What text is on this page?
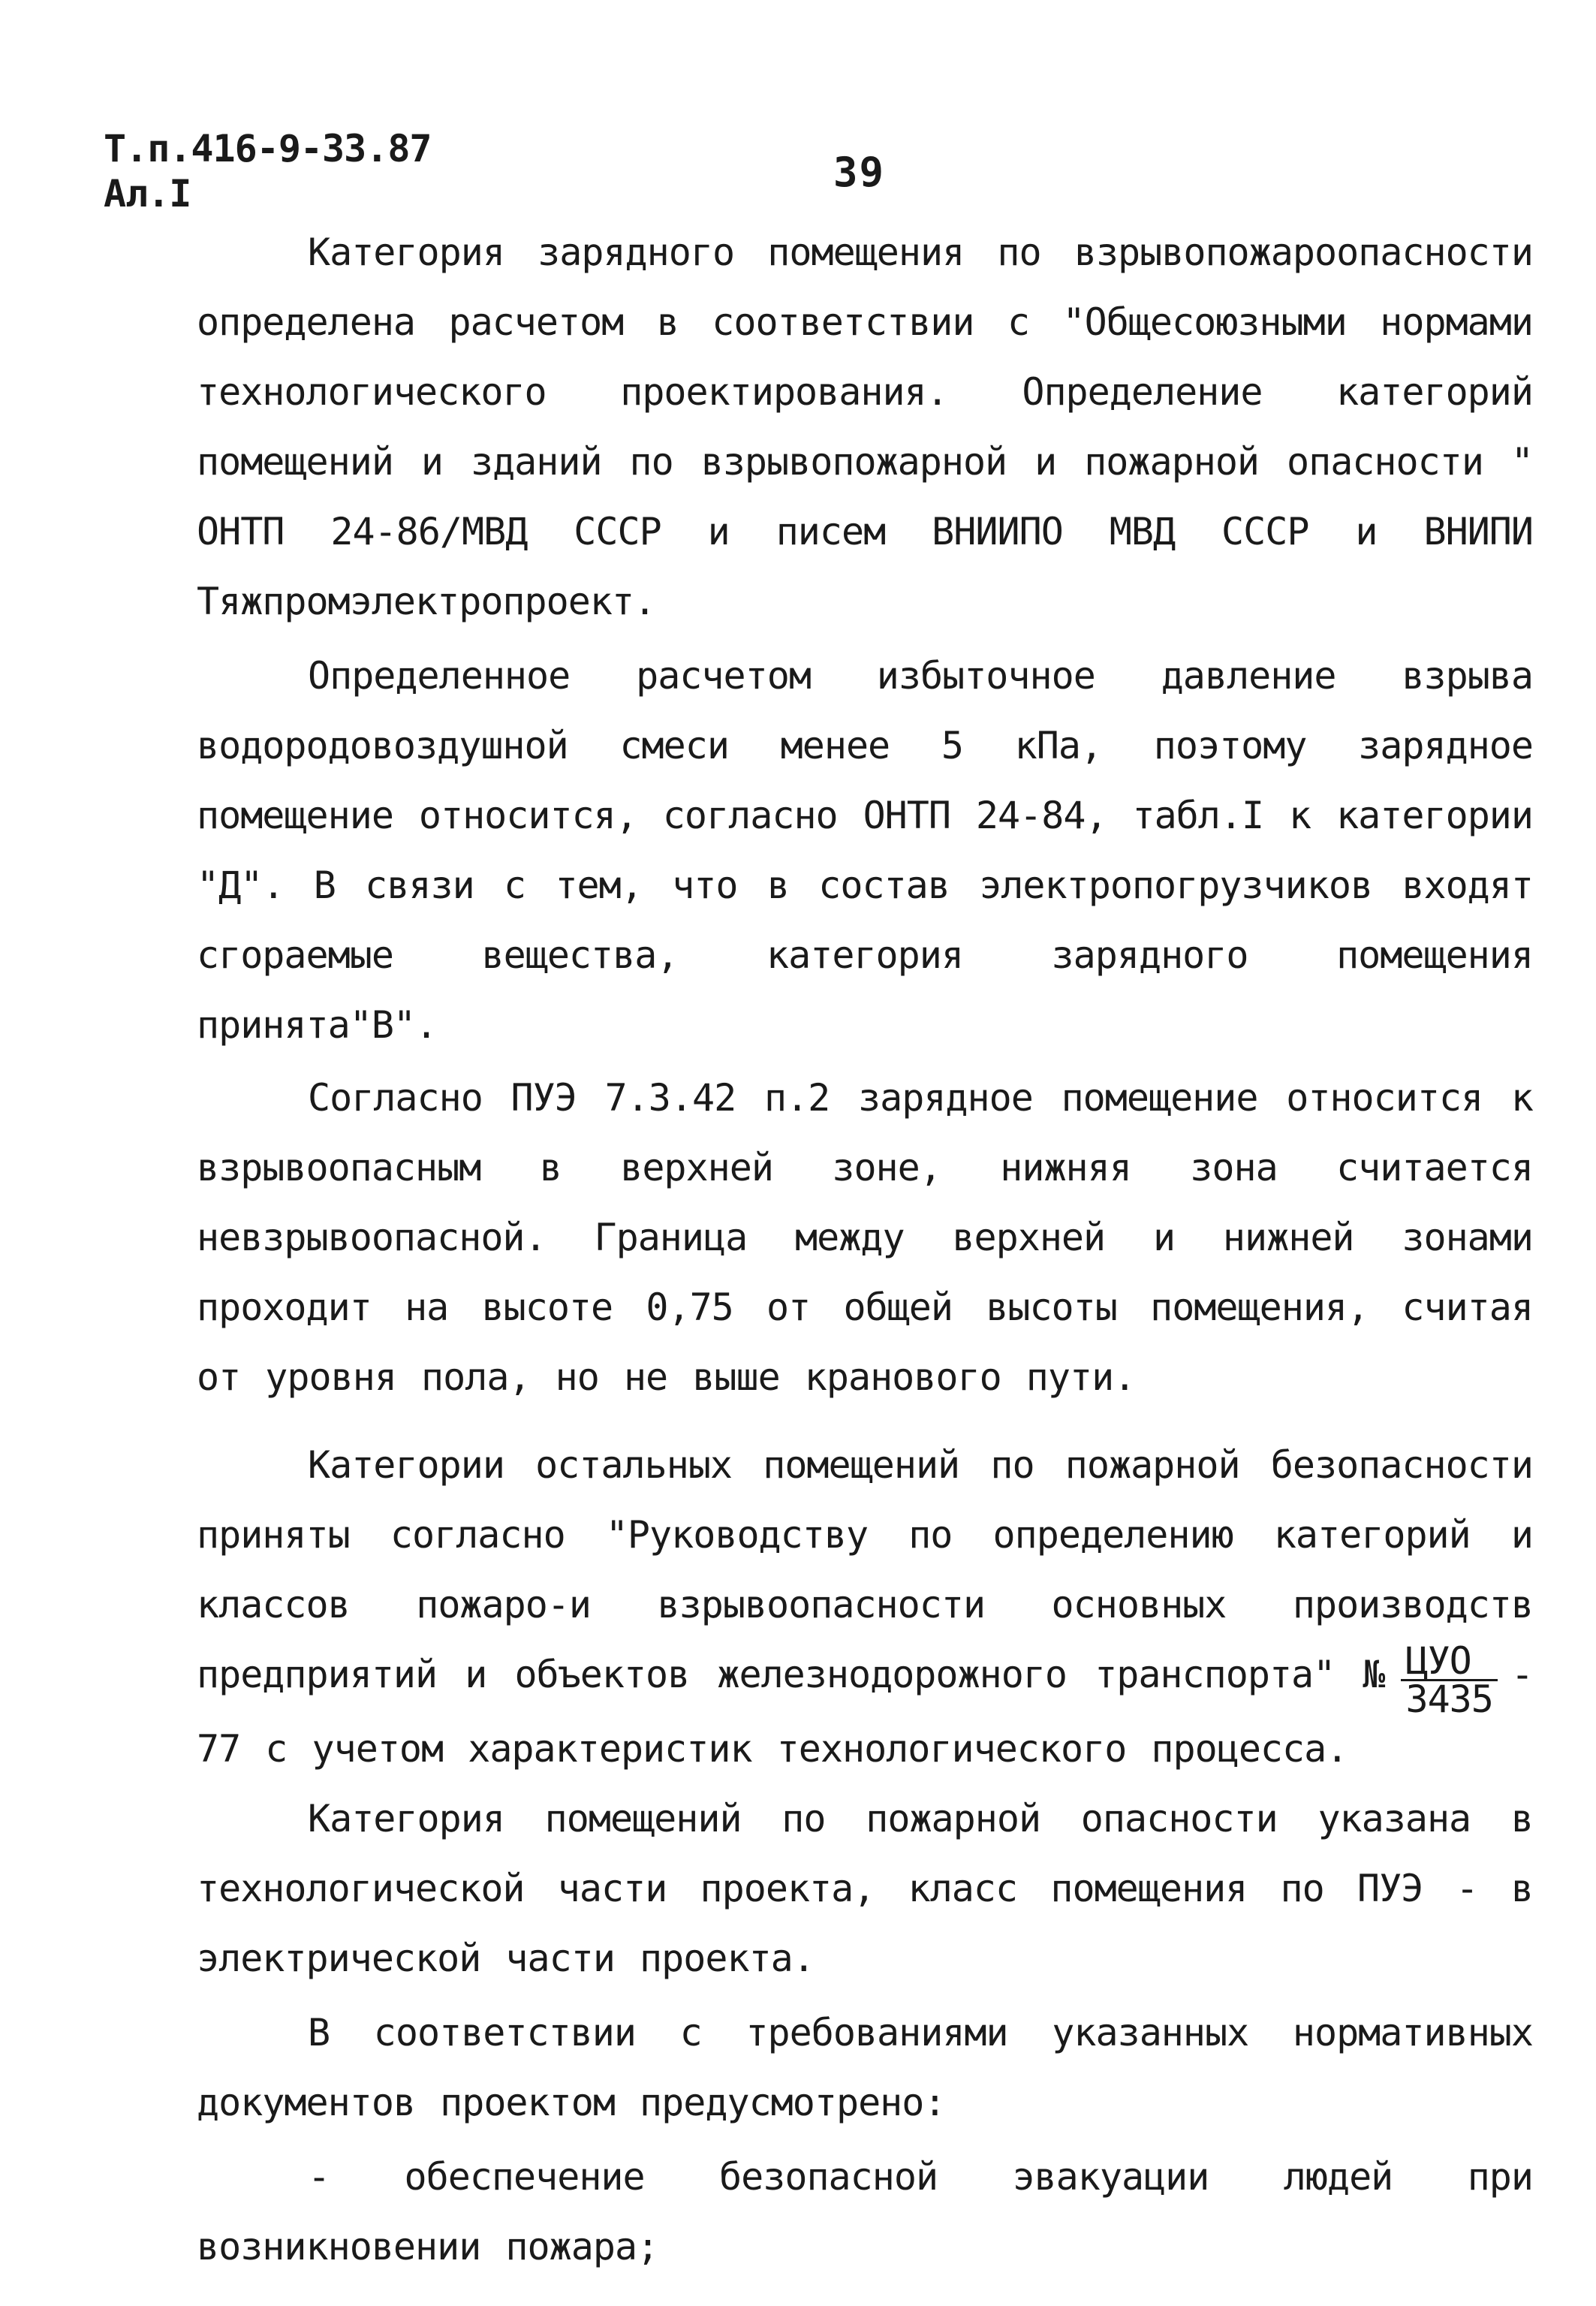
Т.п.416-9-33.87
Ал.I	39

Категория зарядного помещения по взрывопожароопасности определена расчетом в соответствии с "Общесоюзными нормами технологического проектирования. Определение категорий помещений и зданий по взрывопожарной и пожарной опасности " ОНТП 24-86/МВД СССР и писем ВНИИПО МВД СССР и ВНИПИ Тяжпромэлектропроект.

Определенное расчетом избыточное давление взрыва водородовоздушной смеси менее 5 кПа, поэтому зарядное помещение относится, согласно ОНТП 24-84, табл.I к категории "Д". В связи с тем, что в состав электропогрузчиков входят сгораемые вещества, категория зарядного помещения принята"В".

Согласно ПУЭ 7.3.42 п.2 зарядное помещение относится к взрывоопасным в верхней зоне, нижняя зона считается невзрывоопасной. Граница между верхней и нижней зонами проходит на высоте 0,75 от общей высоты помещения, считая от уровня пола, но не выше кранового пути.

Категории остальных помещений по пожарной безопасности приняты согласно "Руководству по определению категорий и классов пожаро-и взрывоопасности основных производств предприятий и объектов железнодорожного транспорта" № $\frac{\text{ЦУО}}{3435} - 77$ с учетом характеристик технологического процесса.

Категория помещений по пожарной опасности указана в технологической части проекта, класс помещения по ПУЭ - в электрической части проекта.

В соответствии с требованиями указанных нормативных документов проектом предусмотрено:

- обеспечение безопасной эвакуации людей при возникновении пожара;
